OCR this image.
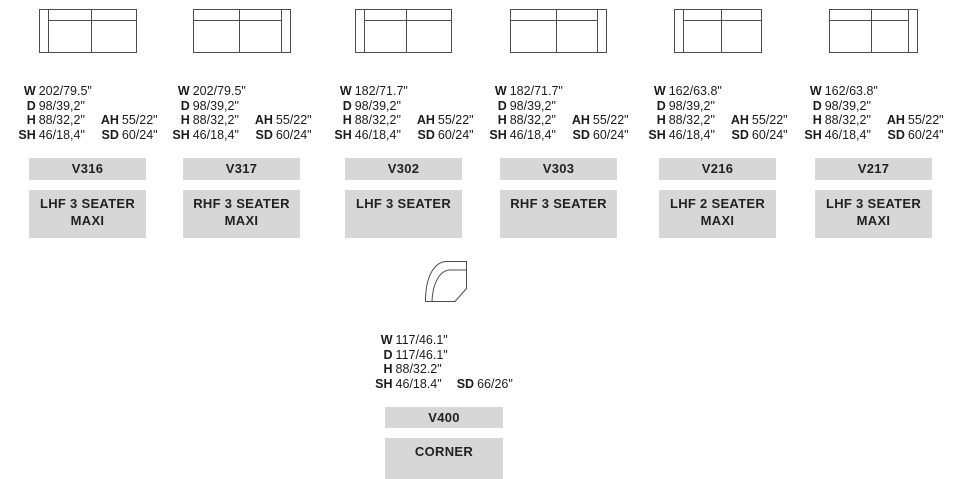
W 202/79.5"
D 98/39,2"
H 88/32,2"	AH 55/22"
SH 46/18,4"	SD 60/24"
V316
LHF 3 SEATER
MAXI
W 202/79.5"
D 98/39,2"
H 88/32,2"	AH 55/22"
SH 46/18,4"	SD 60/24"
V317
RHF 3 SEATER
MAXI
W 182/71.7"
D 98/39,2"
H 88/32,2"	AH 55/22"
SH 46/18,4"	SD 60/24"
V302
LHF 3 SEATER
W 182/71.7"
D 98/39,2"
H 88/32,2"	AH 55/22"
SH 46/18,4"	SD 60/24"
V303
RHF 3 SEATER
W 162/63.8"
D 98/39,2"
H 88/32,2"	AH 55/22"
SH 46/18,4"	SD 60/24"
V216
LHF 2 SEATER
MAXI
W 162/63.8"
D 98/39,2"
H 88/32,2"	AH 55/22"
SH 46/18,4"	SD 60/24"
V217
LHF 3 SEATER
MAXI
W 117/46.1"
D 117/46.1"
H 88/32.2"
SH 46/18.4"	SD 66/26"
V400
CORNER
